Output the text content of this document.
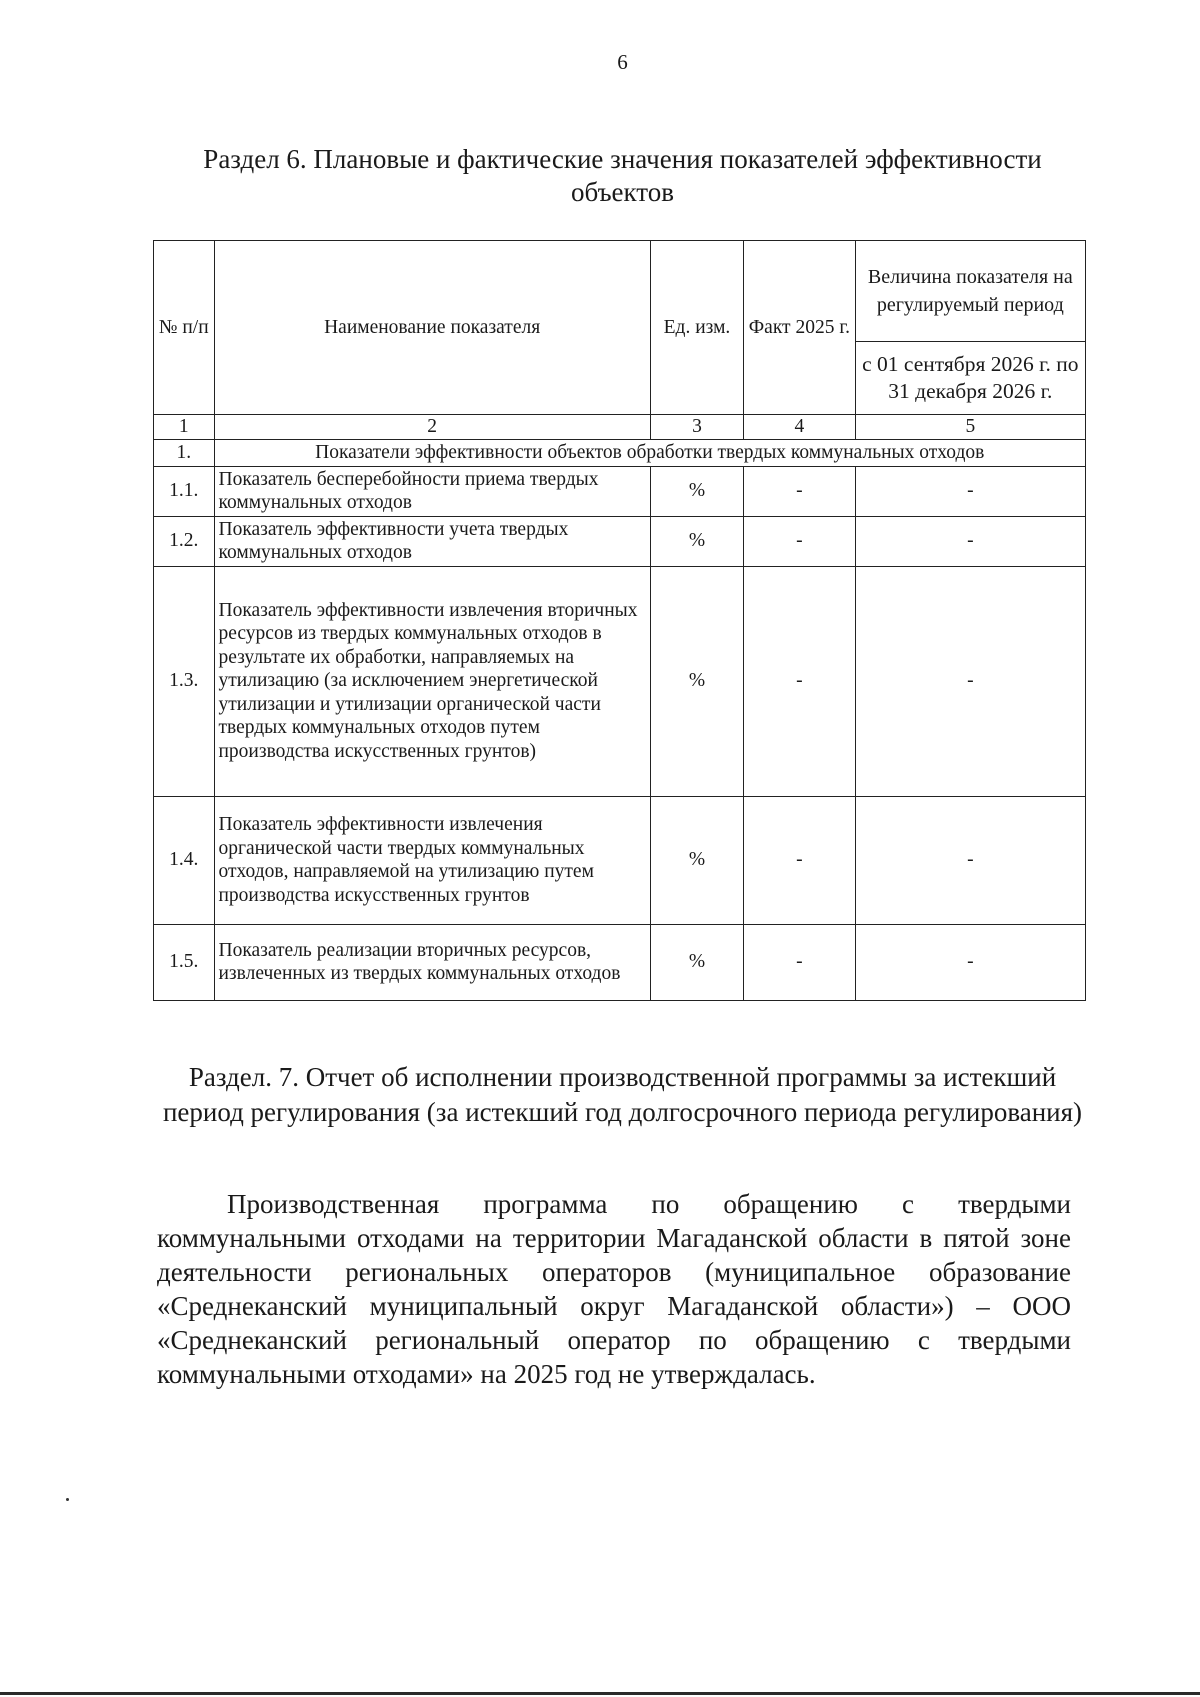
6
Раздел 6. Плановые и фактические значения показателей эффективности объектов
№ п/п	Наименование показателя	Ед. изм.	Факт 2025 г.	Величина показателя на регулируемый период
				с 01 сентября 2026 г. по 31 декабря 2026 г.
1	2	3	4	5
1.	Показатели эффективности объектов обработки твердых коммунальных отходов			
1.1.	Показатель бесперебойности приема твердых коммунальных отходов	%	-	-
1.2.	Показатель эффективности учета твердых коммунальных отходов	%	-	-
1.3.	Показатель эффективности извлечения вторичных ресурсов из твердых коммунальных отходов в результате их обработки, направляемых на утилизацию (за исключением энергетической утилизации и утилизации органической части твердых коммунальных отходов путем производства искусственных грунтов)	%	-	-
1.4.	Показатель эффективности извлечения органической части твердых коммунальных отходов, направляемой на утилизацию путем производства искусственных грунтов	%	-	-
1.5.	Показатель реализации вторичных ресурсов, извлеченных из твердых коммунальных отходов	%	-	-
Раздел. 7. Отчет об исполнении производственной программы за истекший период регулирования (за истекший год долгосрочного периода регулирования)
Производственная программа по обращению с твердыми коммунальными отходами на территории Магаданской области в пятой зоне деятельности региональных операторов (муниципальное образование «Среднеканский муниципальный округ Магаданской области») – ООО «Среднеканский региональный оператор по обращению с твердыми коммунальными отходами» на 2025 год не утверждалась.
